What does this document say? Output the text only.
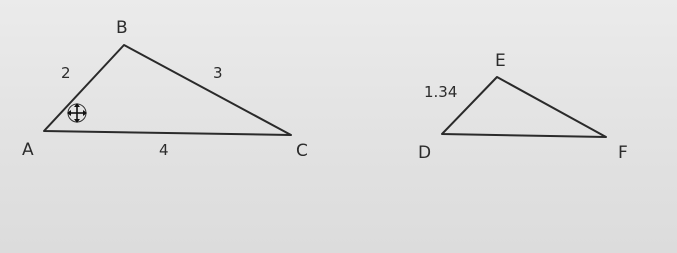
A
B
C
2	3
4	D
E
F
1.34
